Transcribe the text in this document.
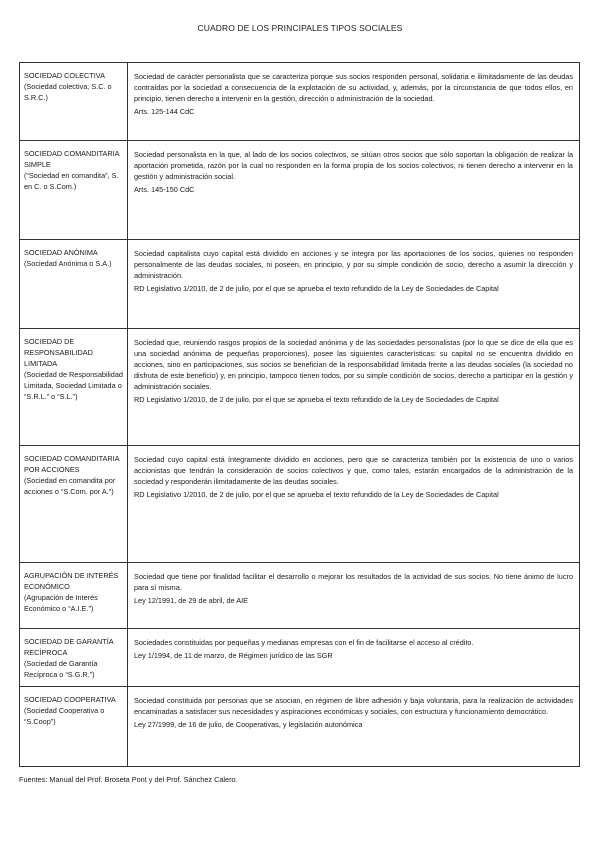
CUADRO DE LOS PRINCIPALES TIPOS SOCIALES
SOCIEDAD COLECTIVA
(Sociedad colectiva, S.C. o S.R.C.)	Sociedad de carácter personalista que se caracteriza porque sus socios responden personal, solidaria e ilimitadamente de las deudas contraídas por la sociedad a consecuencia de la explotación de su actividad, y, además, por la circunstancia de que todos ellos, en principio, tienen derecho a intervenir en la gestión, dirección o administración de la sociedad.
Arts. 125-144 CdC

SOCIEDAD COMANDITARIA SIMPLE
(“Sociedad en comandita”, S. en C. o S.Com.)	Sociedad personalista en la que, al lado de los socios colectivos, se sitúan otros socios que sólo soportan la obligación de realizar la aportación prometida, razón por la cual no responden en la forma propia de los socios colectivos, ni tienen derecho a intervenir en la gestión y administración social.
Arts. 145-150 CdC

SOCIEDAD ANÓNIMA
(Sociedad Anónima o S.A.)	Sociedad capitalista cuyo capital está dividido en acciones y se integra por las aportaciones de los socios, quienes no responden personalmente de las deudas sociales, ni poseen, en principio, y por su simple condición de socio, derecho a asumir la dirección y administración.
RD Legislativo 1/2010, de 2 de julio, por el que se aprueba el texto refundido de la Ley de Sociedades de Capital

SOCIEDAD DE RESPONSABILIDAD LIMITADA
(Sociedad de Responsabilidad Limitada, Sociedad Limitada o “S.R.L.” o “S.L.”)	Sociedad que, reuniendo rasgos propios de la sociedad anónima y de las sociedades personalistas (por lo que se dice de ella que es una sociedad anónima de pequeñas proporciones), posee las siguientes características: su capital no se encuentra dividido en acciones, sino en participaciones, sus socios se benefician de la responsabilidad limitada frente a las deudas sociales (la sociedad no disfruta de este beneficio) y, en principio, tampoco tienen todos, por su simple condición de socios, derecho a participar en la gestión y administración sociales.
RD Legislativo 1/2010, de 2 de julio, por el que se aprueba el texto refundido de la Ley de Sociedades de Capital

SOCIEDAD COMANDITARIA POR ACCIONES
(Sociedad en comandita por acciones o “S.Com. por A.”)	Sociedad cuyo capital está íntegramente dividido en acciones, pero que se caracteriza también por la existencia de uno o varios accionistas que tendrán la consideración de socios colectivos y que, como tales, estarán encargados de la administración de la sociedad y responderán ilimitadamente de las deudas sociales.
RD Legislativo 1/2010, de 2 de julio, por el que se aprueba el texto refundido de la Ley de Sociedades de Capital

AGRUPACIÓN DE INTERÉS ECONÓMICO
(Agrupación de Interés Económico o “A.I.E.”)	Sociedad que tiene por finalidad facilitar el desarrollo o mejorar los resultados de la actividad de sus socios. No tiene ánimo de lucro para sí misma.
Ley 12/1991, de 29 de abril, de AIE

SOCIEDAD DE GARANTÍA RECÍPROCA
(Sociedad de Garantía Recíproca o “S.G.R.”)	Sociedades constituidas por pequeñas y medianas empresas con el fin de facilitarse el acceso al crédito.
Ley 1/1994, de 11 de marzo, de Régimen jurídico de las SGR

SOCIEDAD COOPERATIVA
(Sociedad Cooperativa o “S.Coop”)	Sociedad constituida por personas que se asocian, en régimen de libre adhesión y baja voluntaria, para la realización de actividades encaminadas a satisfacer sus necesidades y aspiraciones económicas y sociales, con estructura y funcionamiento democrático.
Ley 27/1999, de 16 de julio, de Cooperativas, y legislación autonómica
Fuentes: Manual del Prof. Broseta Pont y del Prof. Sánchez Calero.
